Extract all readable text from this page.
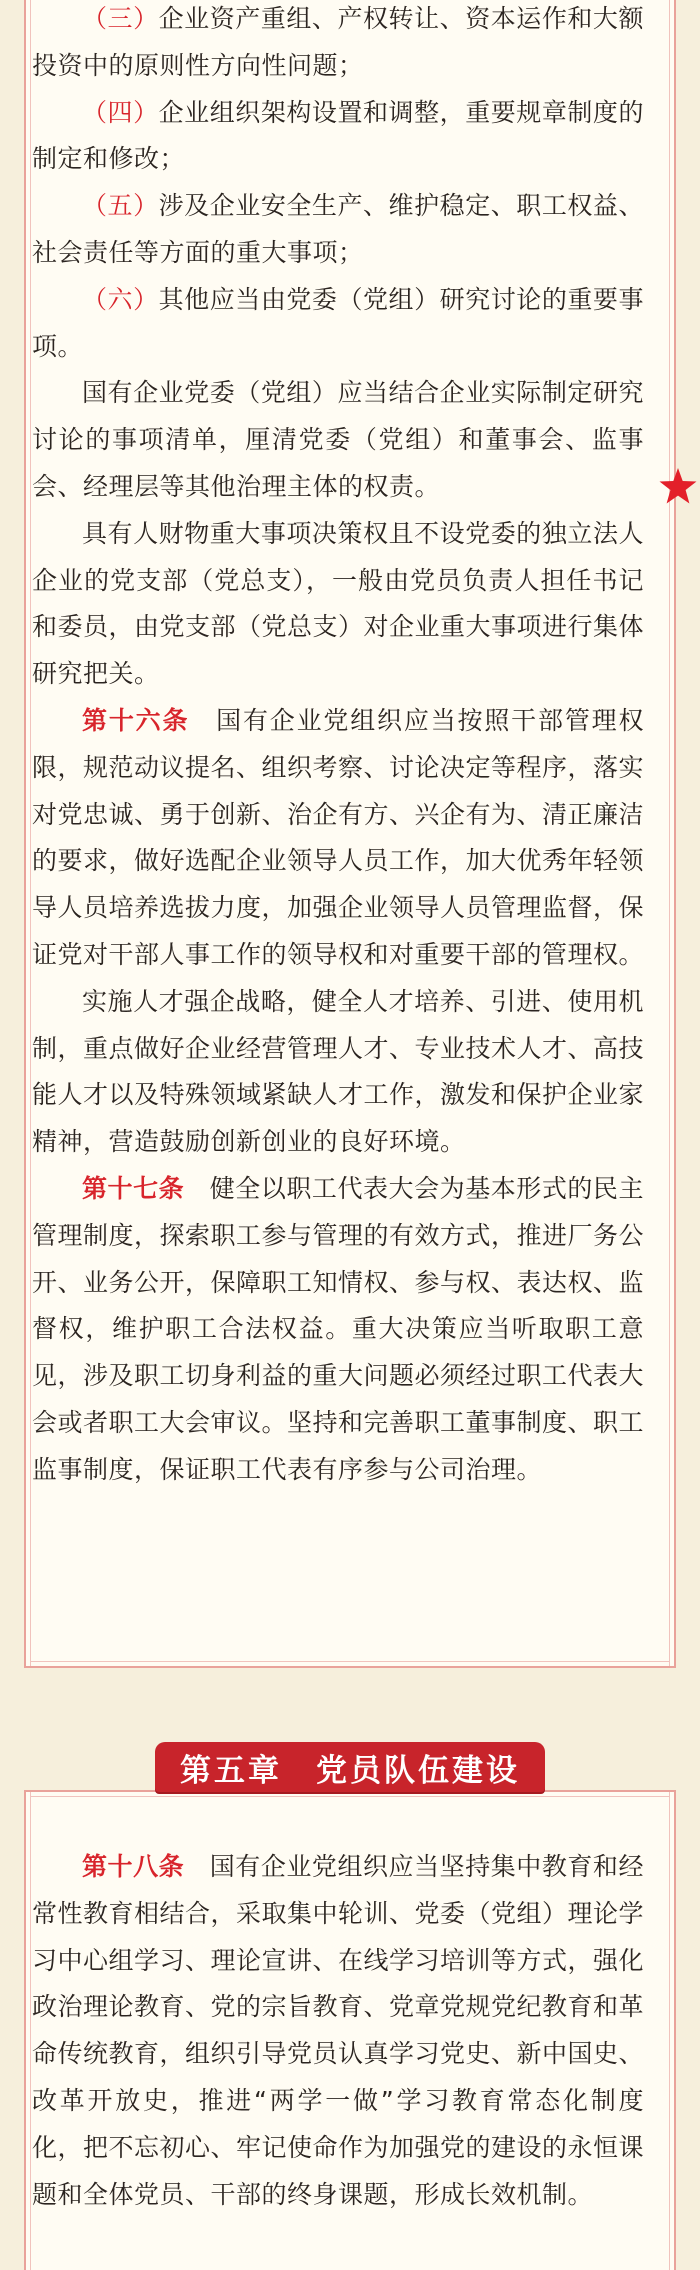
（三）企业资产重组、产权转让、资本运作和大额投资中的原则性方向性问题；

（四）企业组织架构设置和调整，重要规章制度的制定和修改；

（五）涉及企业安全生产、维护稳定、职工权益、社会责任等方面的重大事项；

（六）其他应当由党委（党组）研究讨论的重要事项。

国有企业党委（党组）应当结合企业实际制定研究讨论的事项清单，厘清党委（党组）和董事会、监事会、经理层等其他治理主体的权责。

具有人财物重大事项决策权且不设党委的独立法人企业的党支部（党总支），一般由党员负责人担任书记和委员，由党支部（党总支）对企业重大事项进行集体研究把关。

第十六条　国有企业党组织应当按照干部管理权限，规范动议提名、组织考察、讨论决定等程序，落实对党忠诚、勇于创新、治企有方、兴企有为、清正廉洁的要求，做好选配企业领导人员工作，加大优秀年轻领导人员培养选拔力度，加强企业领导人员管理监督，保证党对干部人事工作的领导权和对重要干部的管理权。

实施人才强企战略，健全人才培养、引进、使用机制，重点做好企业经营管理人才、专业技术人才、高技能人才以及特殊领域紧缺人才工作，激发和保护企业家精神，营造鼓励创新创业的良好环境。

第十七条　健全以职工代表大会为基本形式的民主管理制度，探索职工参与管理的有效方式，推进厂务公开、业务公开，保障职工知情权、参与权、表达权、监督权，维护职工合法权益。重大决策应当听取职工意见，涉及职工切身利益的重大问题必须经过职工代表大会或者职工大会审议。坚持和完善职工董事制度、职工监事制度，保证职工代表有序参与公司治理。

第五章　党员队伍建设

第十八条　国有企业党组织应当坚持集中教育和经常性教育相结合，采取集中轮训、党委（党组）理论学习中心组学习、理论宣讲、在线学习培训等方式，强化政治理论教育、党的宗旨教育、党章党规党纪教育和革命传统教育，组织引导党员认真学习党史、新中国史、改革开放史，推进“两学一做”学习教育常态化制度化，把不忘初心、牢记使命作为加强党的建设的永恒课题和全体党员、干部的终身课题，形成长效机制。
